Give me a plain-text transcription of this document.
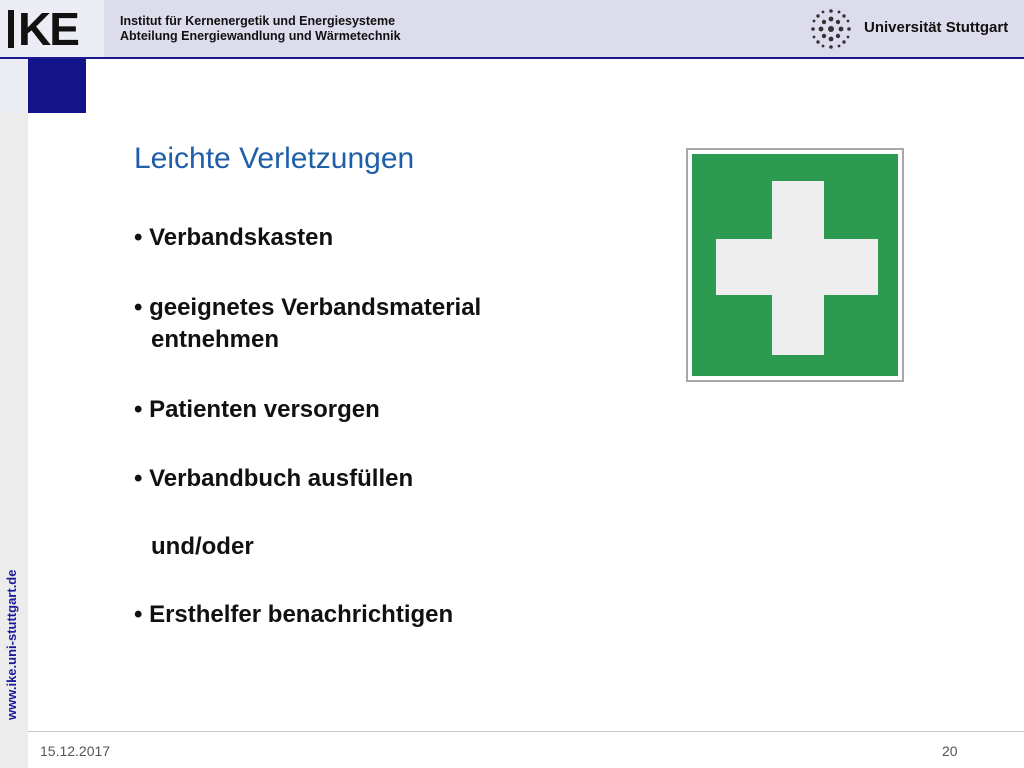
KE	Institut für Kernenergetik und Energiesysteme
Abteilung Energiewandlung und Wärmetechnik	Universität Stuttgart
www.ike.uni-stuttgart.de
Leichte Verletzungen
• Verbandskasten
• geeignetes Verbandsmaterial
entnehmen
• Patienten versorgen
• Verbandbuch ausfüllen
und/oder
• Ersthelfer benachrichtigen
15.12.2017	20
